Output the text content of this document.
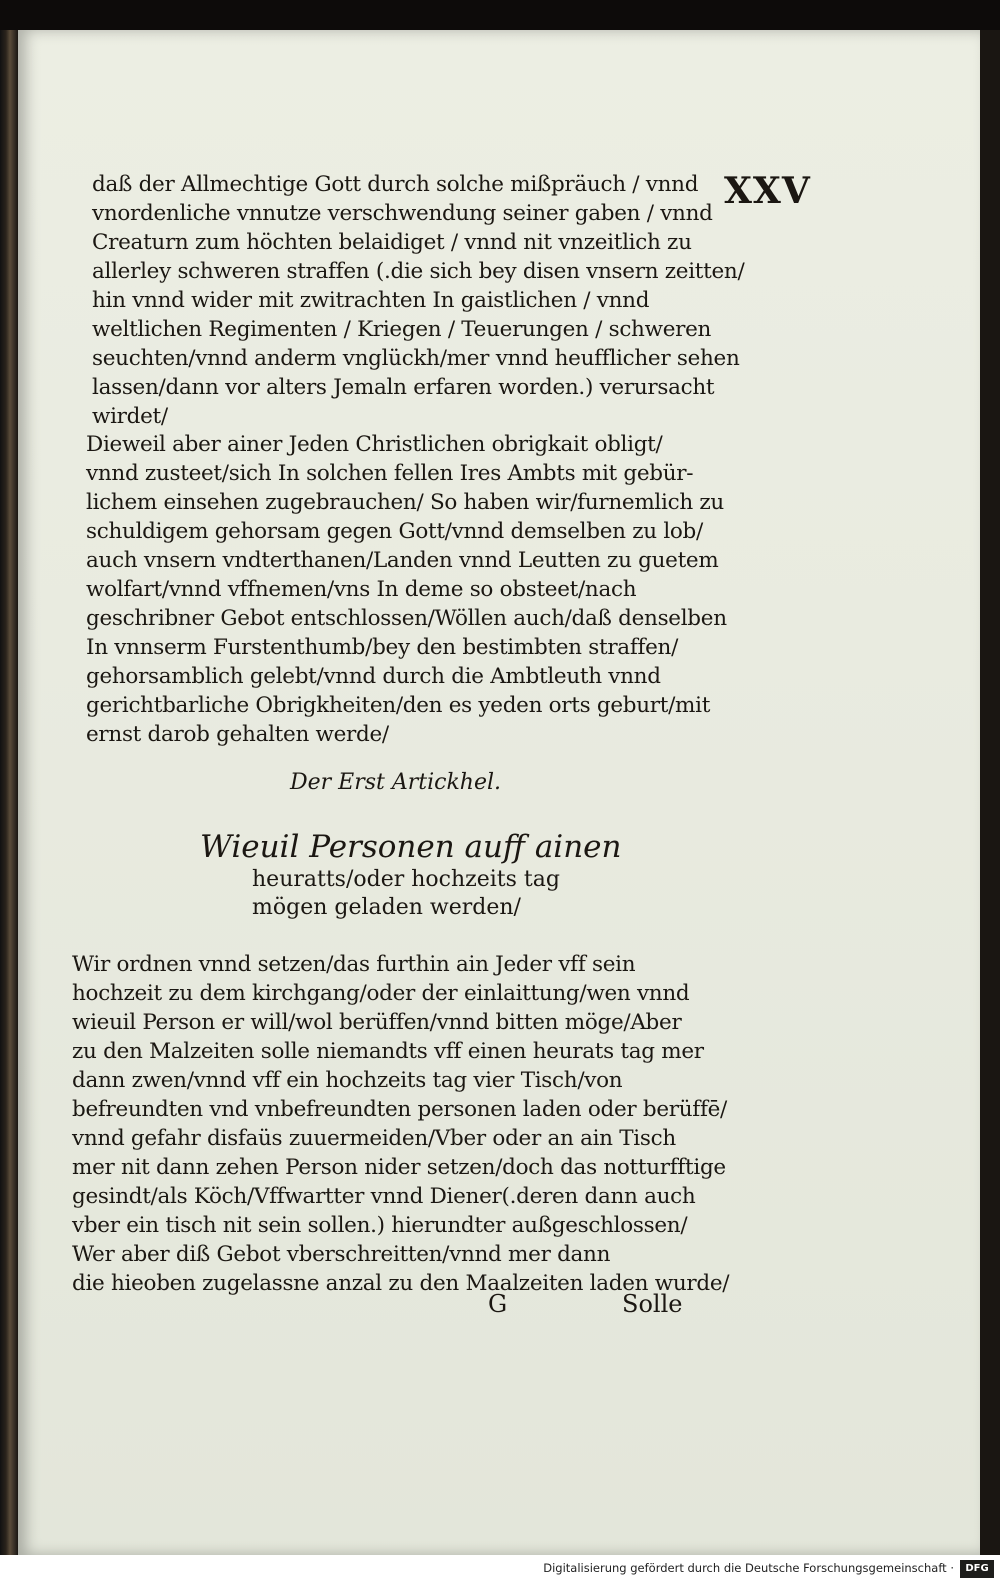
XXV
daß der Allmechtige Gott durch solche mißpräuch / vnnd
vnordenliche vnnutze verschwendung seiner gaben / vnnd
Creaturn zum höchten belaidiget / vnnd nit vnzeitlich zu
allerley schweren straffen (.die sich bey disen vnsern zeitten/
hin vnnd wider mit zwitrachten In gaistlichen / vnnd
weltlichen Regimenten / Kriegen / Teuerungen / schweren
seuchten/vnnd anderm vnglückh/mer vnnd heufflicher sehen
lassen/dann vor alters Jemaln erfaren worden.) verursacht
wirdet/
Dieweil aber ainer Jeden Christlichen obrigkait obligt/
vnnd zusteet/sich In solchen fellen Ires Ambts mit gebür-
lichem einsehen zugebrauchen/ So haben wir/furnemlich zu
schuldigem gehorsam gegen Gott/vnnd demselben zu lob/
auch vnsern vndterthanen/Landen vnnd Leutten zu guetem
wolfart/vnnd vffnemen/vns In deme so obsteet/nach
geschribner Gebot entschlossen/Wöllen auch/daß denselben
In vnnserm Furstenthumb/bey den bestimbten straffen/
gehorsamblich gelebt/vnnd durch die Ambtleuth vnnd
gerichtbarliche Obrigkheiten/den es yeden orts geburt/mit
ernst darob gehalten werde/
Der Erst Artickhel.
Wieuil Personen auff ainen
heuratts/oder hochzeits tag
mögen geladen werden/
Wir ordnen vnnd setzen/das furthin ain Jeder vff sein
hochzeit zu dem kirchgang/oder der einlaittung/wen vnnd
wieuil Person er will/wol berüffen/vnnd bitten möge/Aber
zu den Malzeiten solle niemandts vff einen heurats tag mer
dann zwen/vnnd vff ein hochzeits tag vier Tisch/von
befreundten vnd vnbefreundten personen laden oder berüffē/
vnnd gefahr disfaüs zuuermeiden/Vber oder an ain Tisch
mer nit dann zehen Person nider setzen/doch das notturfftige
gesindt/als Köch/Vffwartter vnnd Diener(.deren dann auch
vber ein tisch nit sein sollen.) hierundter außgeschlossen/
Wer aber diß Gebot vberschreitten/vnnd mer dann
die hieoben zugelassne anzal zu den Maalzeiten laden wurde/
G	Solle
Digitalisierung gefördert durch die Deutsche Forschungsgemeinschaft ·	DFG
